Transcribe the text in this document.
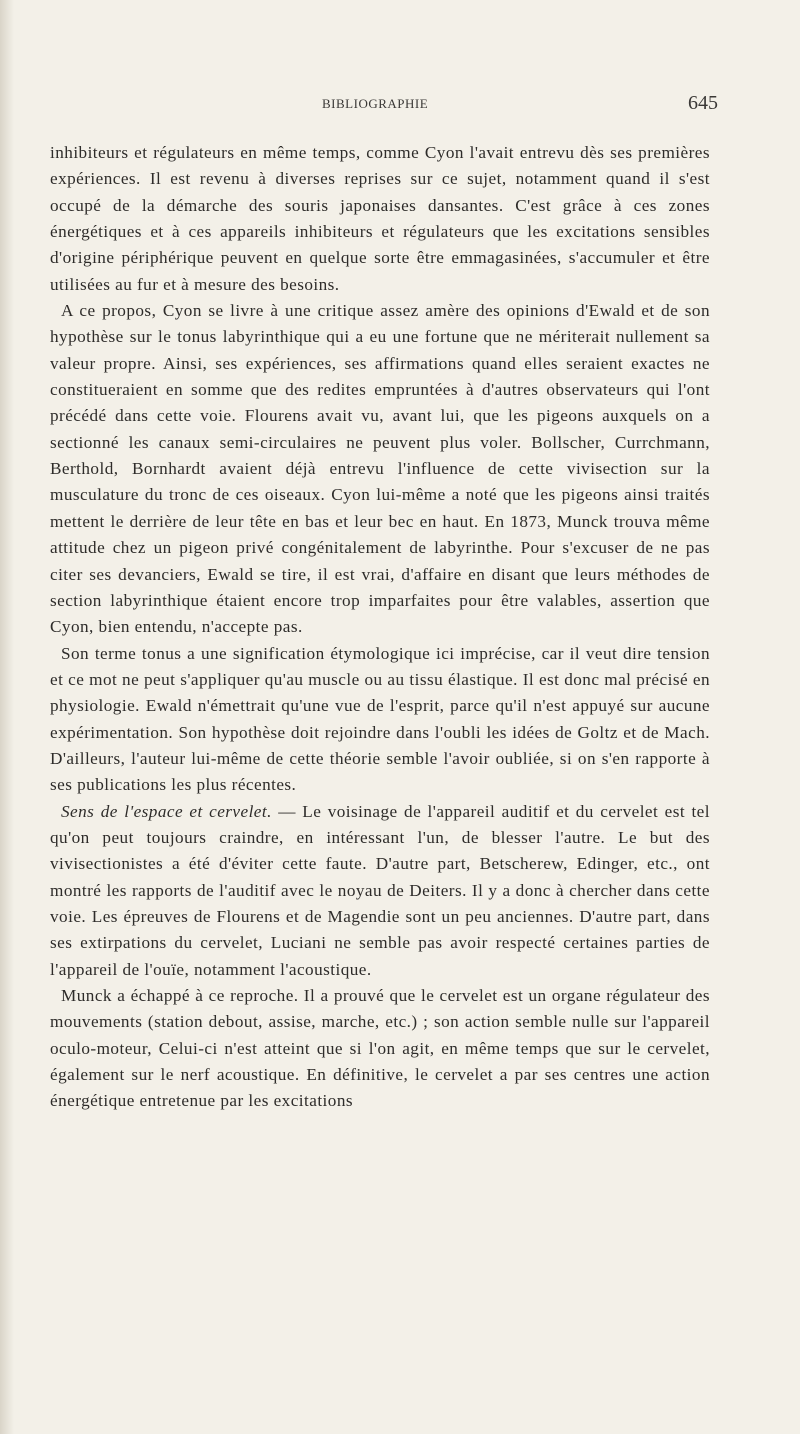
BIBLIOGRAPHIE	645

inhibiteurs et régulateurs en même temps, comme Cyon l'avait entrevu dès ses premières expériences. Il est revenu à diverses reprises sur ce sujet, notamment quand il s'est occupé de la démarche des souris japonaises dansantes. C'est grâce à ces zones énergétiques et à ces appareils inhibiteurs et régulateurs que les excitations sensibles d'origine périphérique peuvent en quelque sorte être emmagasinées, s'accumuler et être utilisées au fur et à mesure des besoins.

A ce propos, Cyon se livre à une critique assez amère des opinions d'Ewald et de son hypothèse sur le tonus labyrinthique qui a eu une fortune que ne mériterait nullement sa valeur propre. Ainsi, ses expériences, ses affirmations quand elles seraient exactes ne constitueraient en somme que des redites empruntées à d'autres observateurs qui l'ont précédé dans cette voie. Flourens avait vu, avant lui, que les pigeons auxquels on a sectionné les canaux semi-circulaires ne peuvent plus voler. Bollscher, Currchmann, Berthold, Bornhardt avaient déjà entrevu l'influence de cette vivisection sur la musculature du tronc de ces oiseaux. Cyon lui-même a noté que les pigeons ainsi traités mettent le derrière de leur tête en bas et leur bec en haut. En 1873, Munck trouva même attitude chez un pigeon privé congénitalement de labyrinthe. Pour s'excuser de ne pas citer ses devanciers, Ewald se tire, il est vrai, d'affaire en disant que leurs méthodes de section labyrinthique étaient encore trop imparfaites pour être valables, assertion que Cyon, bien entendu, n'accepte pas.

Son terme tonus a une signification étymologique ici imprécise, car il veut dire tension et ce mot ne peut s'appliquer qu'au muscle ou au tissu élastique. Il est donc mal précisé en physiologie. Ewald n'émettrait qu'une vue de l'esprit, parce qu'il n'est appuyé sur aucune expérimentation. Son hypothèse doit rejoindre dans l'oubli les idées de Goltz et de Mach. D'ailleurs, l'auteur lui-même de cette théorie semble l'avoir oubliée, si on s'en rapporte à ses publications les plus récentes.

Sens de l'espace et cervelet. — Le voisinage de l'appareil auditif et du cervelet est tel qu'on peut toujours craindre, en intéressant l'un, de blesser l'autre. Le but des vivisectionistes a été d'éviter cette faute. D'autre part, Betscherew, Edinger, etc., ont montré les rapports de l'auditif avec le noyau de Deiters. Il y a donc à chercher dans cette voie. Les épreuves de Flourens et de Magendie sont un peu anciennes. D'autre part, dans ses extirpations du cervelet, Luciani ne semble pas avoir respecté certaines parties de l'appareil de l'ouïe, notamment l'acoustique.

Munck a échappé à ce reproche. Il a prouvé que le cervelet est un organe régulateur des mouvements (station debout, assise, marche, etc.) ; son action semble nulle sur l'appareil oculo-moteur, Celui-ci n'est atteint que si l'on agit, en même temps que sur le cervelet, également sur le nerf acoustique. En définitive, le cervelet a par ses centres une action énergétique entretenue par les excitations
